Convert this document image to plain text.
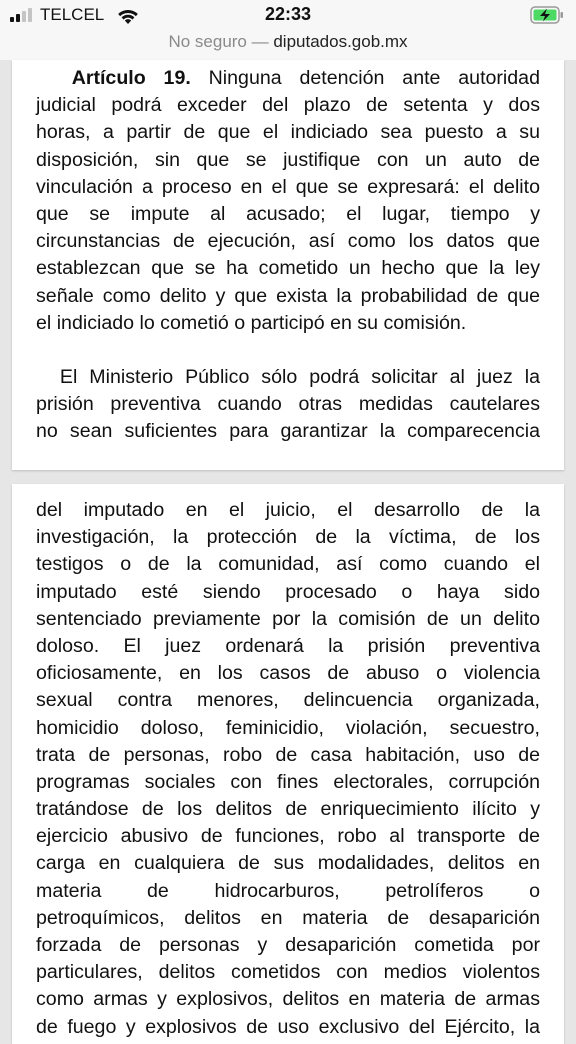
TELCEL	22:33
No seguro — diputados.gob.mx
Artículo 19. Ninguna detención ante autoridad
judicial podrá exceder del plazo de setenta y dos
horas, a partir de que el indiciado sea puesto a su
disposición, sin que se justifique con un auto de
vinculación a proceso en el que se expresará: el delito
que se impute al acusado; el lugar, tiempo y
circunstancias de ejecución, así como los datos que
establezcan que se ha cometido un hecho que la ley
señale como delito y que exista la probabilidad de que
el indiciado lo cometió o participó en su comisión.
El Ministerio Público sólo podrá solicitar al juez la
prisión preventiva cuando otras medidas cautelares
no sean suficientes para garantizar la comparecencia
del imputado en el juicio, el desarrollo de la
investigación, la protección de la víctima, de los
testigos o de la comunidad, así como cuando el
imputado esté siendo procesado o haya sido
sentenciado previamente por la comisión de un delito
doloso. El juez ordenará la prisión preventiva
oficiosamente, en los casos de abuso o violencia
sexual contra menores, delincuencia organizada,
homicidio doloso, feminicidio, violación, secuestro,
trata de personas, robo de casa habitación, uso de
programas sociales con fines electorales, corrupción
tratándose de los delitos de enriquecimiento ilícito y
ejercicio abusivo de funciones, robo al transporte de
carga en cualquiera de sus modalidades, delitos en
materia de hidrocarburos, petrolíferos o
petroquímicos, delitos en materia de desaparición
forzada de personas y desaparición cometida por
particulares, delitos cometidos con medios violentos
como armas y explosivos, delitos en materia de armas
de fuego y explosivos de uso exclusivo del Ejército, la
